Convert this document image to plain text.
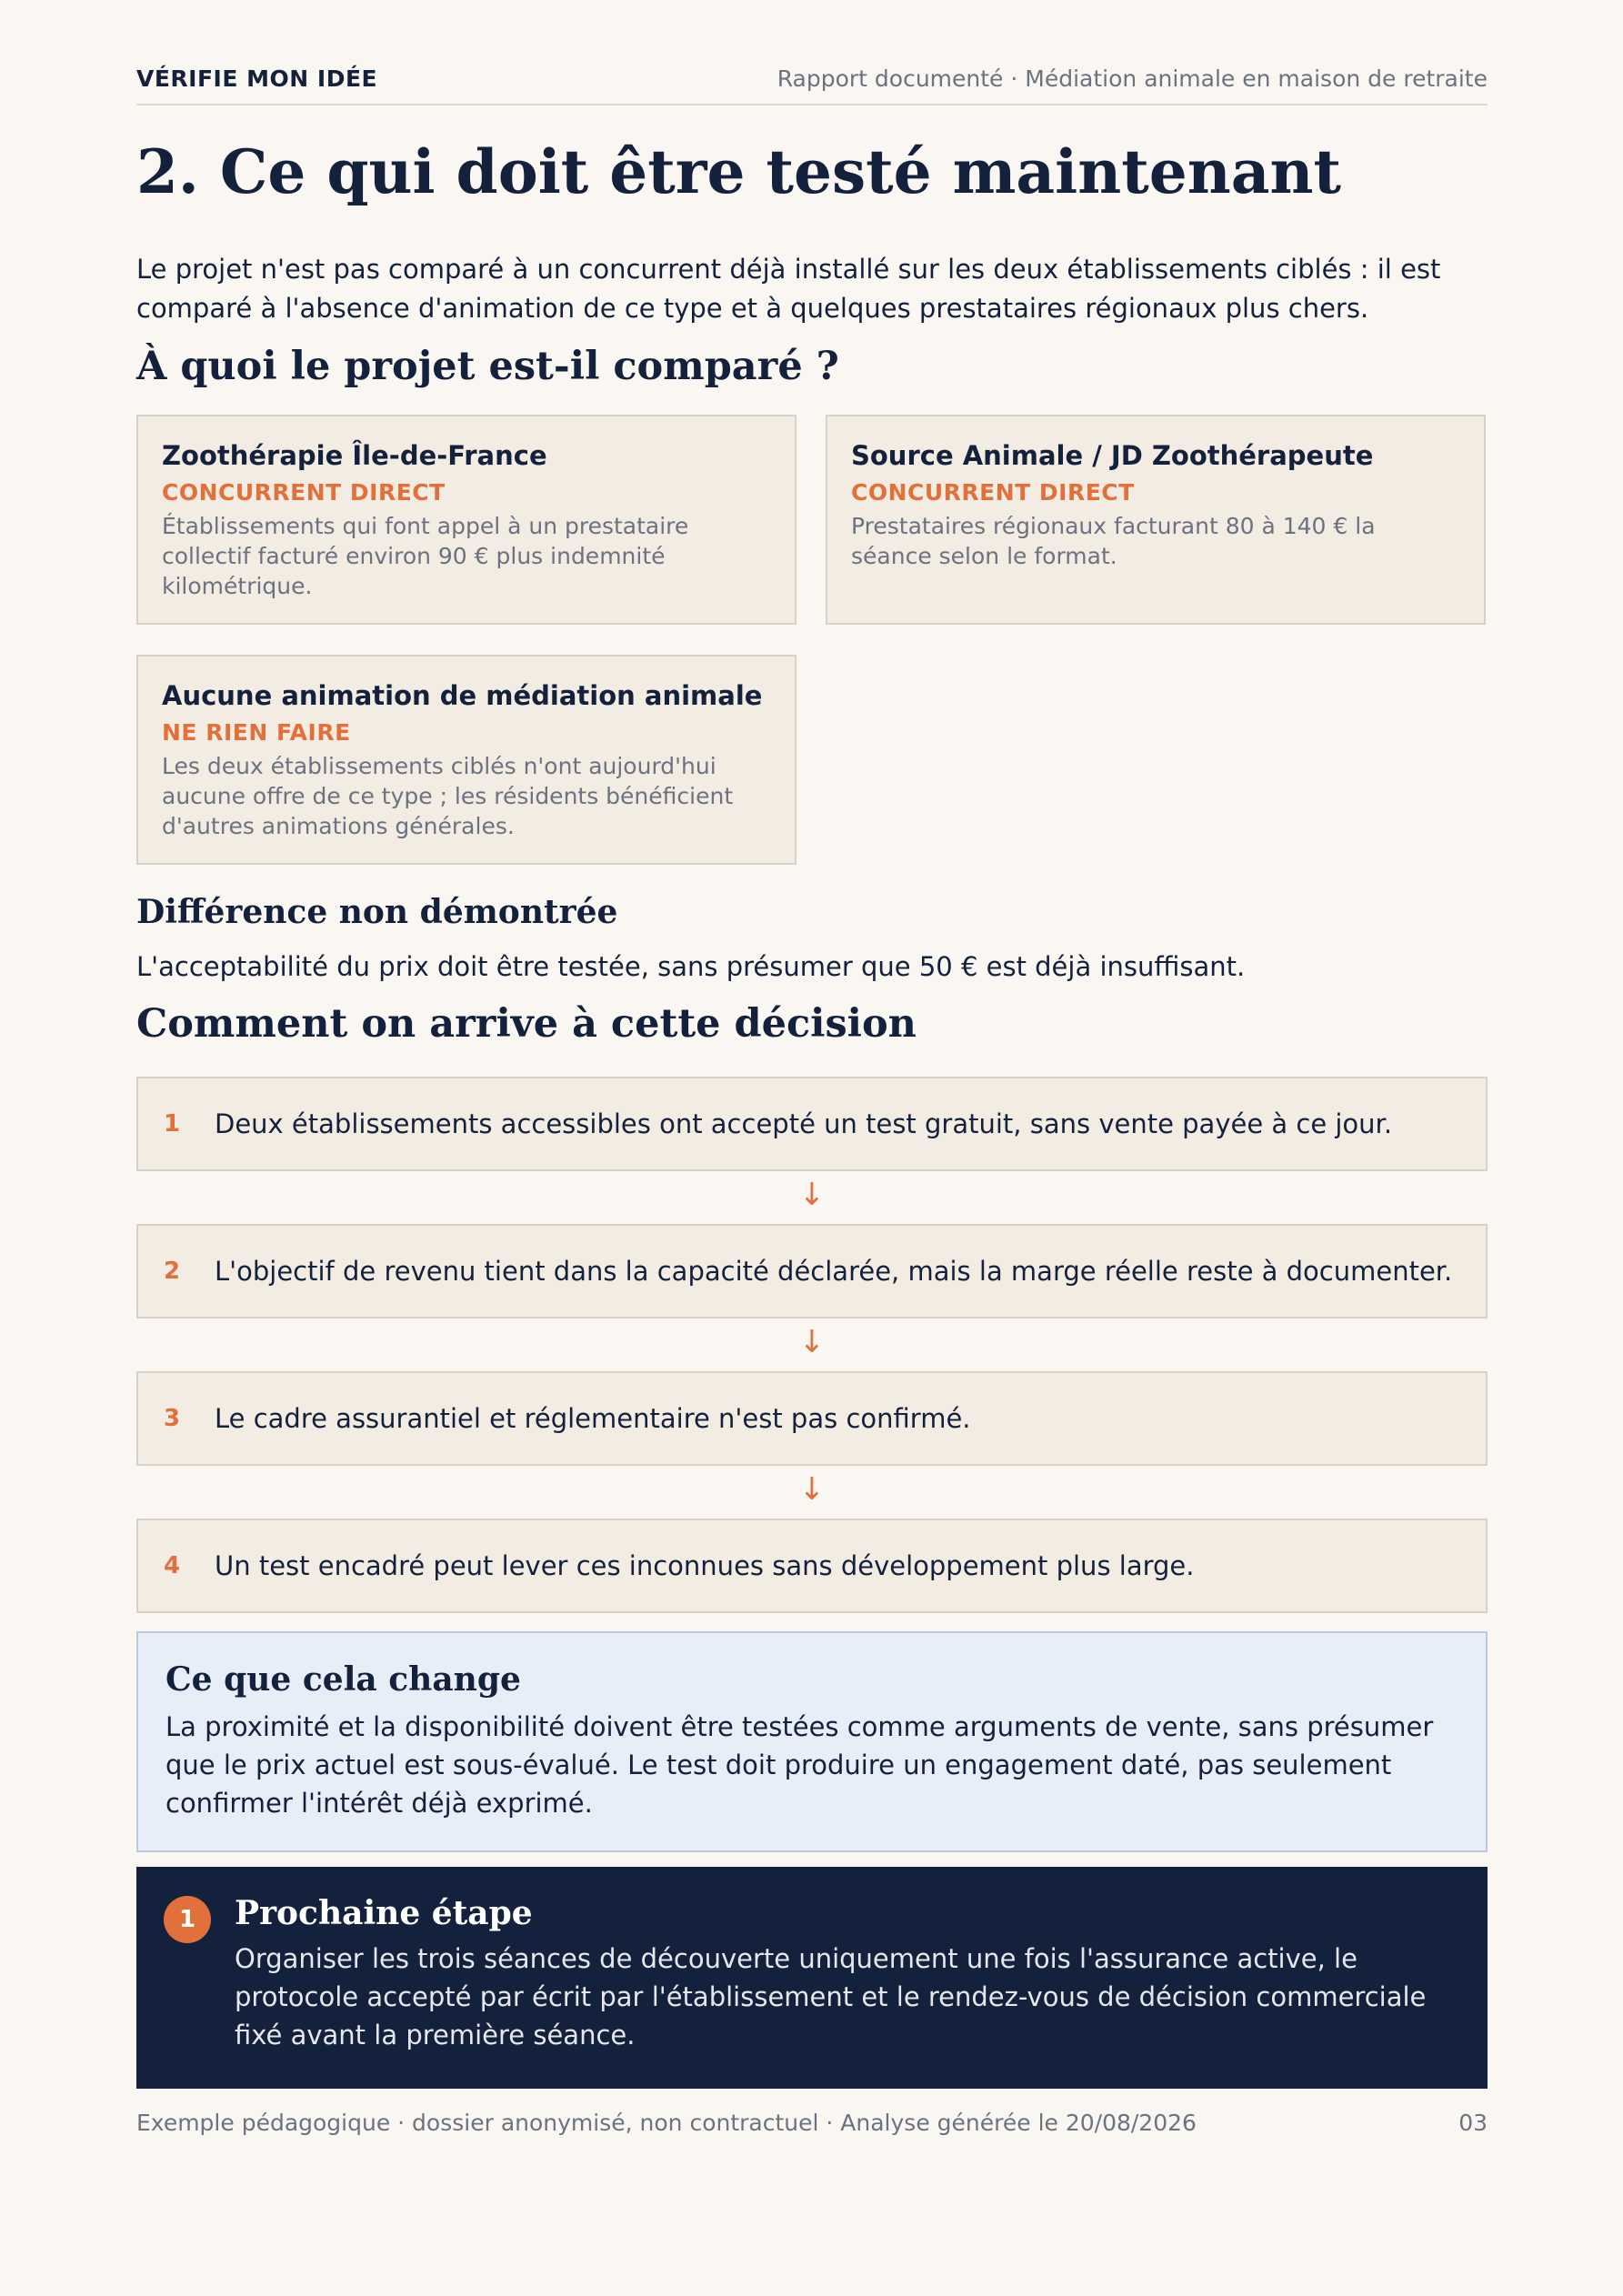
VÉRIFIE MON IDÉE	Rapport documenté · Médiation animale en maison de retraite
2. Ce qui doit être testé maintenant

Le projet n'est pas comparé à un concurrent déjà installé sur les deux établissements ciblés : il est comparé à l'absence d'animation de ce type et à quelques prestataires régionaux plus chers.

À quoi le projet est-il comparé ?
Zoothérapie Île-de-France
CONCURRENT DIRECT
Établissements qui font appel à un prestataire collectif facturé environ 90 € plus indemnité kilométrique.
Source Animale / JD Zoothérapeute
CONCURRENT DIRECT
Prestataires régionaux facturant 80 à 140 € la séance selon le format.
Aucune animation de médiation animale
NE RIEN FAIRE
Les deux établissements ciblés n'ont aujourd'hui aucune offre de ce type ; les résidents bénéficient d'autres animations générales.
Différence non démontrée

L'acceptabilité du prix doit être testée, sans présumer que 50 € est déjà insuffisant.

Comment on arrive à cette décision
1	Deux établissements accessibles ont accepté un test gratuit, sans vente payée à ce jour.
↓
2	L'objectif de revenu tient dans la capacité déclarée, mais la marge réelle reste à documenter.
↓
3	Le cadre assurantiel et réglementaire n'est pas confirmé.
↓
4	Un test encadré peut lever ces inconnues sans développement plus large.
Ce que cela change
La proximité et la disponibilité doivent être testées comme arguments de vente, sans présumer que le prix actuel est sous-évalué. Le test doit produire un engagement daté, pas seulement confirmer l'intérêt déjà exprimé.
1	Prochaine étape
Organiser les trois séances de découverte uniquement une fois l'assurance active, le protocole accepté par écrit par l'établissement et le rendez-vous de décision commerciale fixé avant la première séance.
Exemple pédagogique · dossier anonymisé, non contractuel · Analyse générée le 20/08/2026	03
